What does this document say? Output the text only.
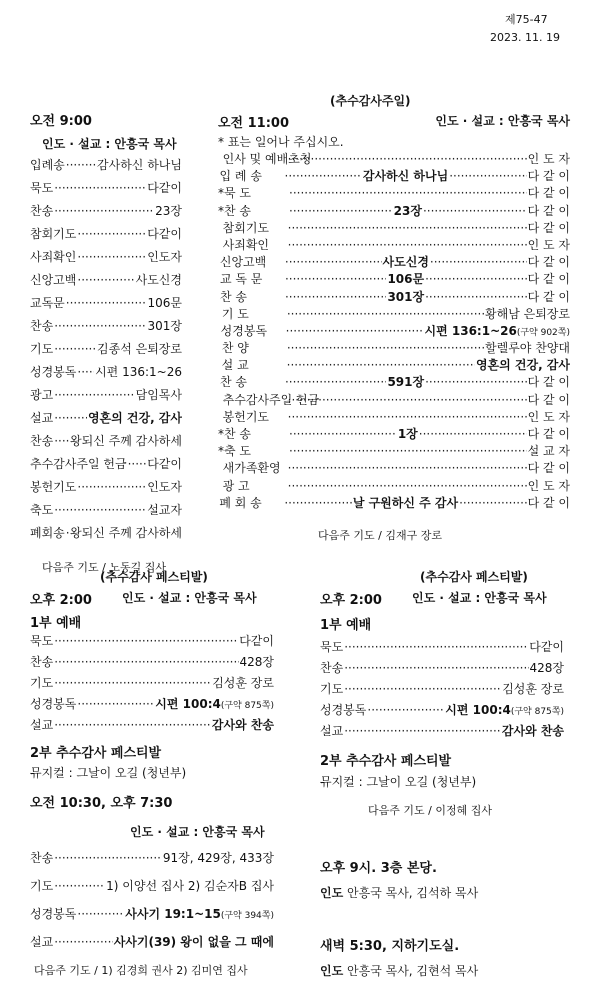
제75-47
2023. 11. 19
(추수감사주일)
오전 9:00
인도 · 설교 : 안흥국 목사
입례송 ·····	감사하신 하나님
묵도 ·····	다같이
찬송 ·····	23장
참회기도 ·····	다같이
사죄확인 ·····	인도자
신앙고백 ·····	사도신경
교독문 ·····	106문
찬송 ·····	301장
기도 ·····	김종석 은퇴장로
성경봉독 ····· 시편 136:1~26
광고 ·····	담임목사
설교 ·····	영혼의 건강, 감사
찬송 ····· 왕되신 주께 감사하세
추수감사주일 헌금 ····· 다같이
봉헌기도 ·····	인도자
축도 ·····	설교자
폐회송 ····· 왕되신 주께 감사하세
다음주 기도 / 노동길 집사
오전 11:00	인도 · 설교 : 안흥국 목사
* 표는 일어나 주십시오.
인사 및 예배초청 ·····	인 도 자
입 례 송 ·····	감사하신 하나님 ·····	다 같 이
* 묵 도 ·····	다 같 이
* 찬 송 ·····	23장 ·····	다 같 이
참회기도 ·····	다 같 이
사죄확인 ·····	인 도 자
신앙고백 ·····	사도신경 ·····	다 같 이
교 독 문 ·····	106문 ·····	다 같 이
찬 송 ·····	301장 ·····	다 같 이
기 도 ·····	황해남 은퇴장로
성경봉독 ·····	시편 136:1~26 (구약 902쪽)
찬 양 ·····	할렐루야 찬양대
설 교 ·····	영혼의 건강, 감사
찬 송 ·····	591장 ·····	다 같 이
추수감사주일 헌금 ·····	다 같 이
봉헌기도 ·····	인 도 자
* 찬 송 ·····	1장 ·····	다 같 이
* 축 도 ·····	설 교 자
새가족환영 ·····	다 같 이
광 고 ·····	인 도 자
폐 회 송 ·····	날 구원하신 주 감사 ·····	다 같 이
다음주 기도 / 김재구 장로
(추수감사 페스티발)
오후 2:00	인도 · 설교 : 안흥국 목사
1부 예배
묵도 ·····	다같이
찬송 ·····	428장
기도 ·····	김성훈 장로
성경봉독 ·····	시편 100:4 (구약 875쪽)
설교 ·····	감사와 찬송
2부 추수감사 페스티발
뮤지컬 : 그날이 오길 (청년부)
(추수감사 페스티발)
오후 2:00	인도 · 설교 : 안흥국 목사
1부 예배
묵도 ·····	다같이
찬송 ·····	428장
기도 ·····	김성훈 장로
성경봉독 ·····	시편 100:4 (구약 875쪽)
설교 ·····	감사와 찬송
2부 추수감사 페스티발
뮤지컬 : 그날이 오길 (청년부)
다음주 기도 / 이정혜 집사
오전 10:30, 오후 7:30
인도 · 설교 : 안흥국 목사
찬송 ·····	91장, 429장, 433장
기도 ·····	1) 이양선 집사 2) 김순자B 집사
성경봉독 ·····	사사기 19:1~15 (구약 394쪽)
설교 ·····	사사기(39) 왕이 없을 그 때에
다음주 기도 / 1) 김경희 권사 2) 김미연 집사
오후 9시. 3층 본당.
인도 안흥국 목사, 김석하 목사
새벽 5:30, 지하기도실.
인도 안흥국 목사, 김현석 목사
